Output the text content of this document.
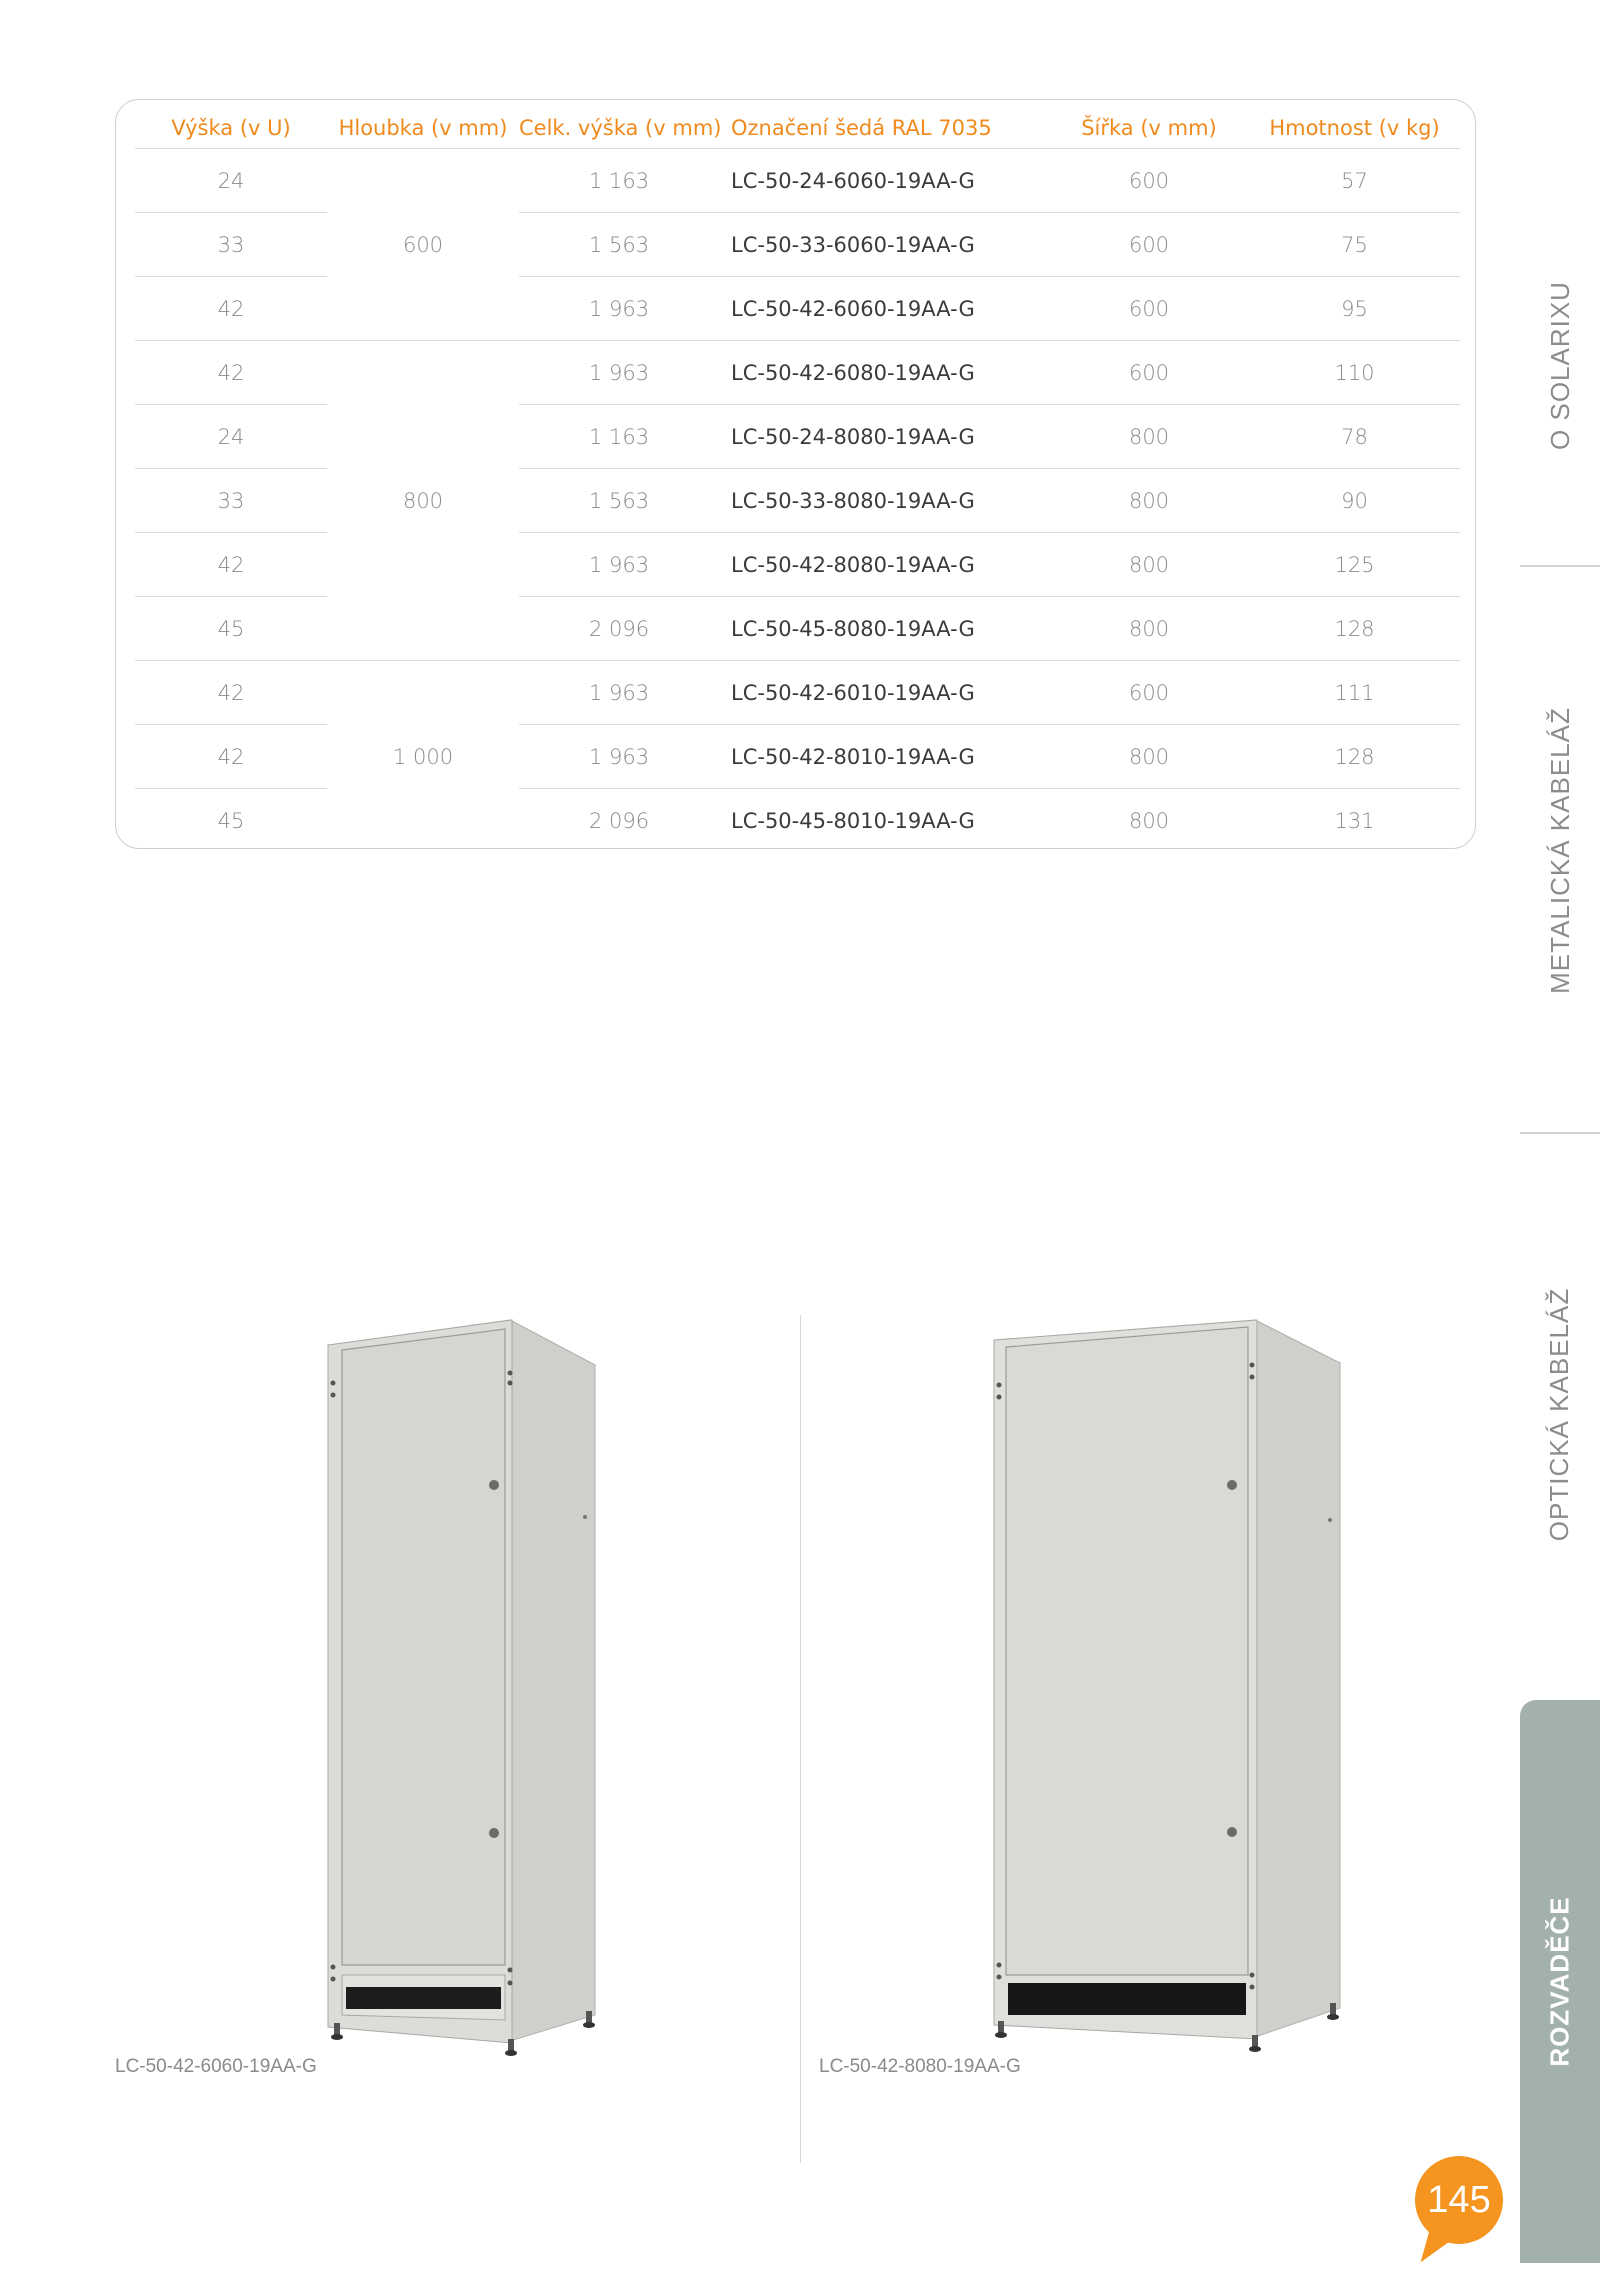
Výška (v U)	Hloubka (v mm)	Celk. výška (v mm)	Označení šedá RAL 7035	Šířka (v mm)	Hmotnost (v kg)
24	600	1 163	LC-50-24-6060-19AA-G	600	57
33		1 563	LC-50-33-6060-19AA-G	600	75
42		1 963	LC-50-42-6060-19AA-G	600	95
42	800	1 963	LC-50-42-6080-19AA-G	600	110
24		1 163	LC-50-24-8080-19AA-G	800	78
33		1 563	LC-50-33-8080-19AA-G	800	90
42		1 963	LC-50-42-8080-19AA-G	800	125
45		2 096	LC-50-45-8080-19AA-G	800	128
42	1 000	1 963	LC-50-42-6010-19AA-G	600	111
42		1 963	LC-50-42-8010-19AA-G	800	128
45		2 096	LC-50-45-8010-19AA-G	800	131
O SOLARIXU
METALICKÁ KABELÁŽ
OPTICKÁ KABELÁŽ
ROZVADĚČE
145
LC-50-42-6060-19AA-G	LC-50-42-8080-19AA-G
